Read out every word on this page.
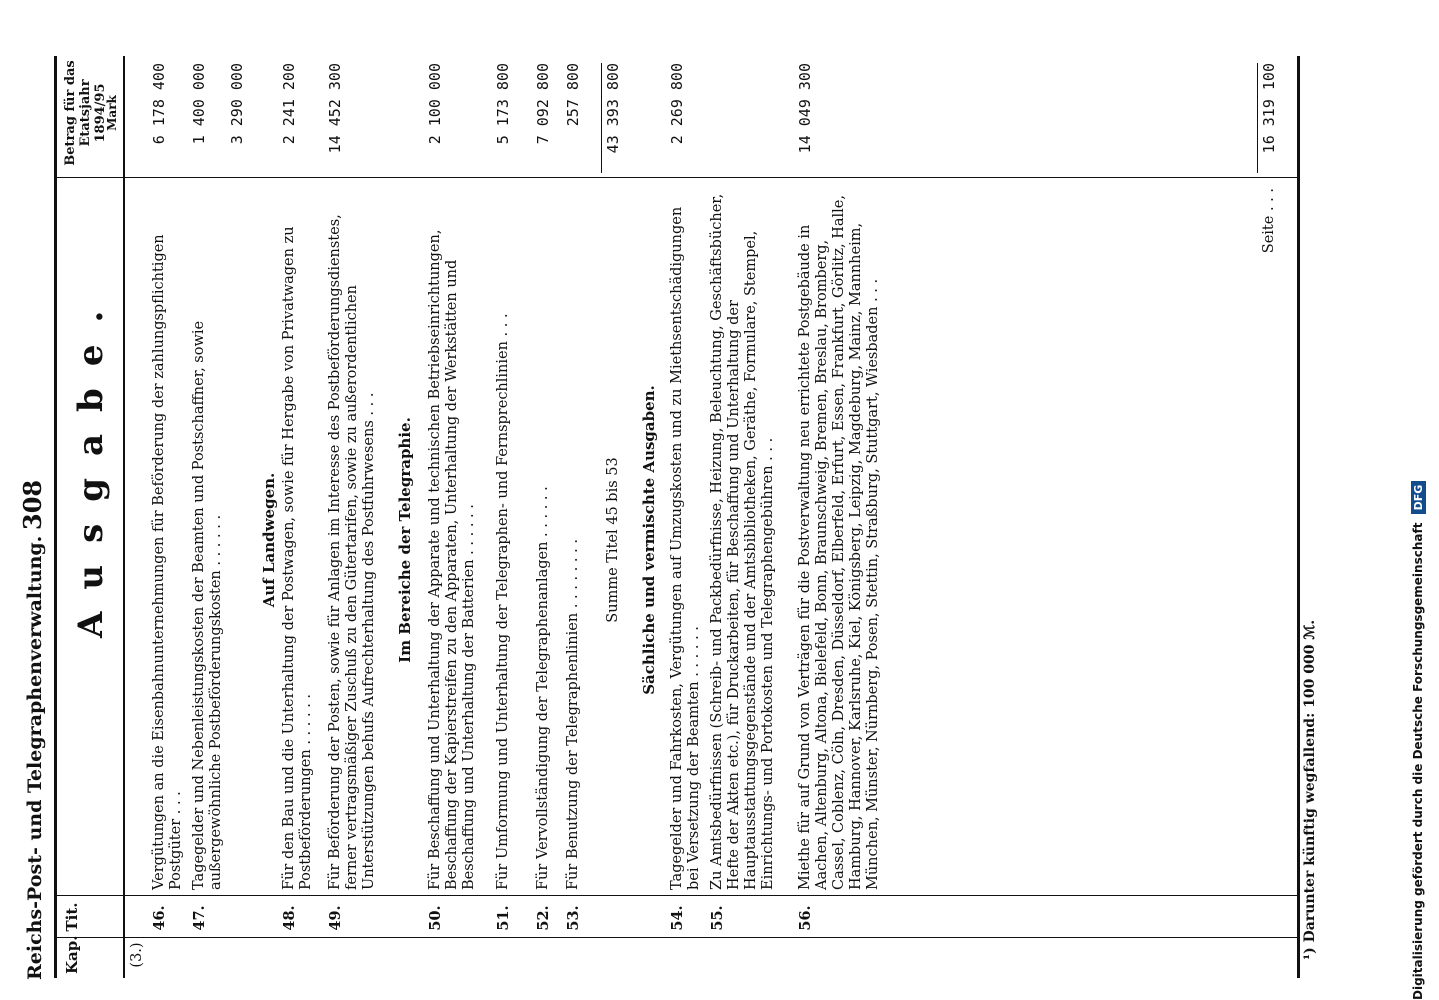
Reichs-Post- und Telegraphenverwaltung.
308
Kap.
Tit.
Ausgabe.
Betrag für das Etatsjahr 1894/95
Mark
(3.)
46.
Vergütungen an die Eisenbahnunternehmungen für Beförderung der zahlungspflichtigen Postgüter . . .
6 178 400
47.
Tagegelder und Nebenleistungskosten der Beamten und Postschaffner, sowie außergewöhnliche Postbeförderungskosten . . . . . .
1 400 000 3 290 000
Auf Landwegen.
48.
Für den Bau und die Unterhaltung der Postwagen, sowie für Hergabe von Privatwagen zu Postbeförderungen . . . . . .
2 241 200
49.
Für Beförderung der Posten, sowie für Anlagen im Interesse des Postbeförderungsdienstes, ferner vertragsmäßiger Zuschuß zu den Gütertarifen, sowie zu außerordentlichen Unterstützungen behufs Aufrechterhaltung des Postfuhrwesens . . .
14 452 300
Im Bereiche der Telegraphie.
50.
Für Beschaffung und Unterhaltung der Apparate und technischen Betriebseinrichtungen, Beschaffung der Kapierstreifen zu den Apparaten, Unterhaltung der Werkstätten und Beschaffung und Unterhaltung der Batterien . . . . . .
2 100 000
51.
Für Umformung und Unterhaltung der Telegraphen- und Fernsprechlinien . . .
5 173 800
52.
Für Vervollständigung der Telegraphenanlagen . . . . . .
7 092 800
53.
Für Benutzung der Telegraphenlinien . . . . . . . .
257 800
Summe Titel 45 bis 53
43 393 800
Sächliche und vermischte Ausgaben.
54.
Tagegelder und Fahrkosten, Vergütungen auf Umzugskosten und zu Miethsentschädigungen bei Versetzung der Beamten . . . . . .
2 269 800
55.
Zu Amtsbedürfnissen (Schreib- und Packbedürfnisse, Heizung, Beleuchtung, Geschäftsbücher, Hefte der Akten etc.), für Druckarbeiten, für Beschaffung und Unterhaltung der Hauptausstattungsgegenstände und der Amtsbibliotheken, Geräthe, Formulare, Stempel, Einrichtungs- und Portokosten und Telegraphengebühren . . .
56.
Miethe für auf Grund von Verträgen für die Postverwaltung neu errichtete Postgebäude in Aachen, Altenburg, Altona, Bielefeld, Bonn, Braunschweig, Bremen, Breslau, Bromberg, Cassel, Coblenz, Cöln, Dresden, Düsseldorf, Elberfeld, Erfurt, Essen, Frankfurt, Görlitz, Halle, Hamburg, Hannover, Karlsruhe, Kiel, Königsberg, Leipzig, Magdeburg, Mainz, Mannheim, München, Münster, Nürnberg, Posen, Stettin, Straßburg, Stuttgart, Wiesbaden . . .
14 049 300
Seite . . .
16 319 100
¹) Darunter künftig wegfallend: 100 000 ℳ.	Digitalisierung gefördert durch die Deutsche Forschungsgemeinschaft DFG
